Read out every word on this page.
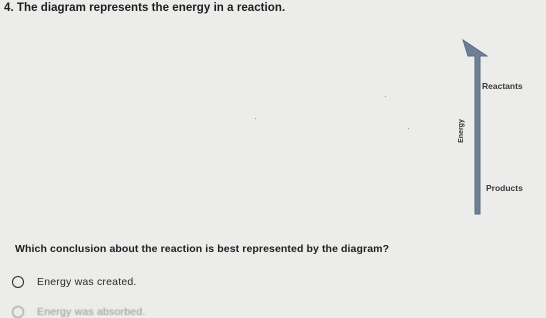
4. The diagram represents the energy in a reaction.
Energy
Reactants
Products
Which conclusion about the reaction is best represented by the diagram?
Energy was created.
Energy was absorbed.
